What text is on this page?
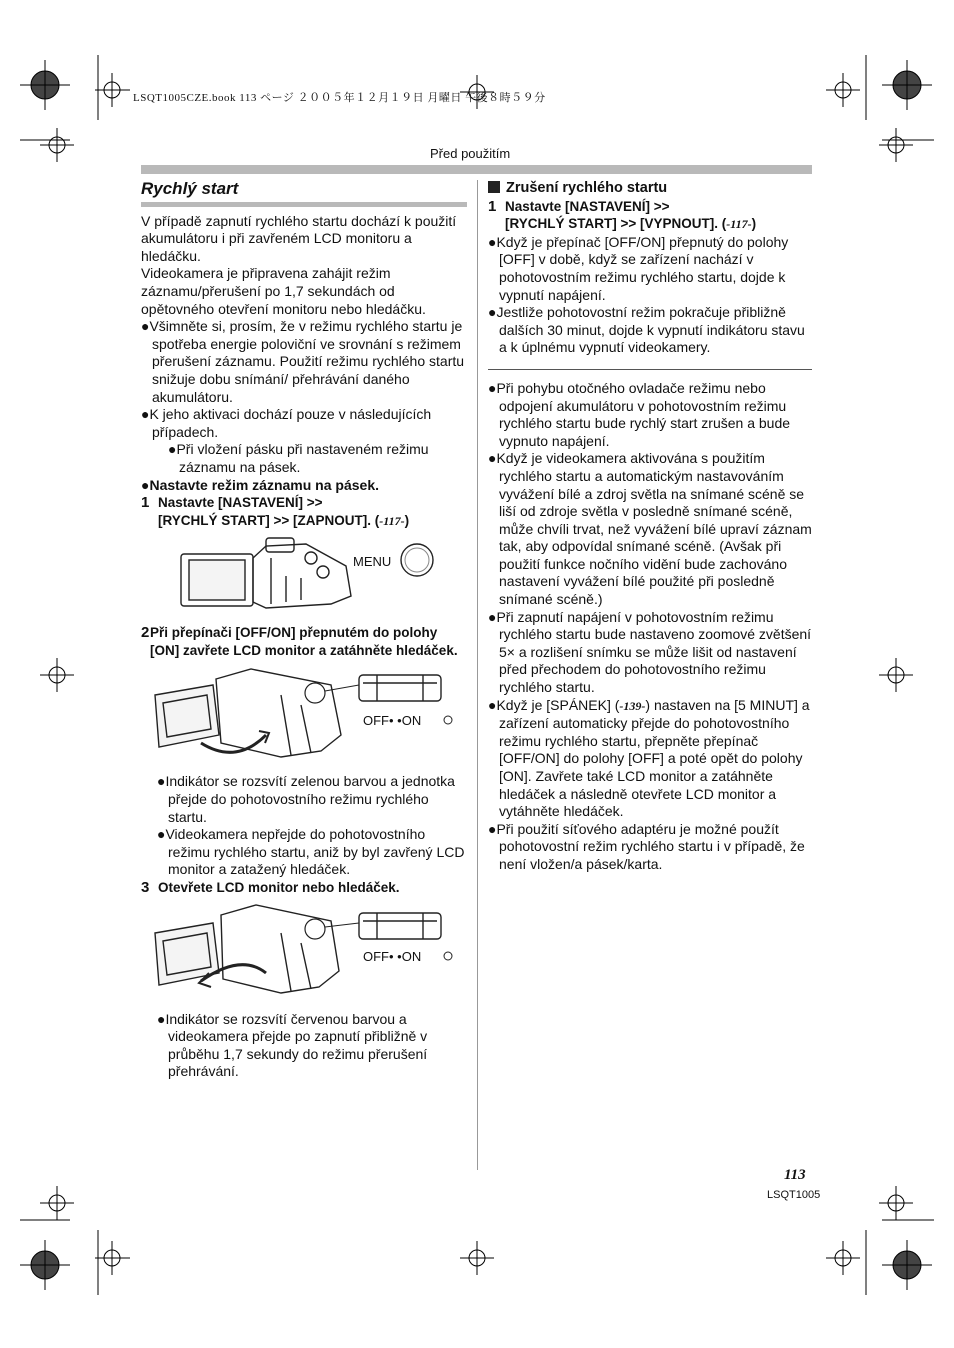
LSQT1005CZE.book 113 ページ ２００５年１２月１９日 月曜日 午後８時５９分
Před použitím
Rychlý start

V případě zapnutí rychlého startu dochází k použití akumulátoru i při zavřeném LCD monitoru a hledáčku.

Videokamera je připravena zahájit režim záznamu/přerušení po 1,7 sekundách od opětovného otevření monitoru nebo hledáčku.

●Všimněte si, prosím, že v režimu rychlého startu je spotřeba energie poloviční ve srovnání s režimem přerušení záznamu. Použití režimu rychlého startu snižuje dobu snímání/ přehrávání daného akumulátoru.

●K jeho aktivaci dochází pouze v následujících případech.

●Při vložení pásku při nastaveném režimu záznamu na pásek.

●Nastavte režim záznamu na pásek.

1 Nastavte [NASTAVENÍ] >>
[RYCHLÝ START] >> [ZAPNOUT]. (-117-)
MENU
2 Při přepínači [OFF/ON] přepnutém do polohy [ON] zavřete LCD monitor a zatáhněte hledáček.
OFF• •ON

●Indikátor se rozsvítí zelenou barvou a jednotka přejde do pohotovostního režimu rychlého startu.

●Videokamera nepřejde do pohotovostního režimu rychlého startu, aniž by byl zavřený LCD monitor a zatažený hledáček.

3 Otevřete LCD monitor nebo hledáček.
OFF• •ON

●Indikátor se rozsvítí červenou barvou a videokamera přejde po zapnutí přibližně v průběhu 1,7 sekundy do režimu přerušení přehrávání.

Zrušení rychlého startu
1 Nastavte [NASTAVENÍ] >>
[RYCHLÝ START] >> [VYPNOUT]. (-117-)

●Když je přepínač [OFF/ON] přepnutý do polohy [OFF] v době, když se zařízení nachází v pohotovostním režimu rychlého startu, dojde k vypnutí napájení.

●Jestliže pohotovostní režim pokračuje přibližně dalších 30 minut, dojde k vypnutí indikátoru stavu a k úplnému vypnutí videokamery.

●Při pohybu otočného ovladače režimu nebo odpojení akumulátoru v pohotovostním režimu rychlého startu bude rychlý start zrušen a bude vypnuto napájení.

●Když je videokamera aktivována s použitím rychlého startu a automatickým nastavováním vyvážení bílé a zdroj světla na snímané scéně se liší od zdroje světla v posledně snímané scéně, může chvíli trvat, než vyvážení bílé upraví záznam tak, aby odpovídal snímané scéně. (Avšak při použití funkce nočního vidění bude zachováno nastavení vyvážení bílé použité při posledně snímané scéně.)

●Při zapnutí napájení v pohotovostním režimu rychlého startu bude nastaveno zoomové zvětšení 5× a rozlišení snímku se může lišit od nastavení před přechodem do pohotovostního režimu rychlého startu.

●Když je [SPÁNEK] (-139-) nastaven na [5 MINUT] a zařízení automaticky přejde do pohotovostního režimu rychlého startu, přepněte přepínač [OFF/ON] do polohy [OFF] a poté opět do polohy [ON]. Zavřete také LCD monitor a zatáhněte hledáček a následně otevřete LCD monitor a vytáhněte hledáček.

●Při použití síťového adaptéru je možné použít pohotovostní režim rychlého startu i v případě, že není vložen/a pásek/karta.

113
LSQT1005
